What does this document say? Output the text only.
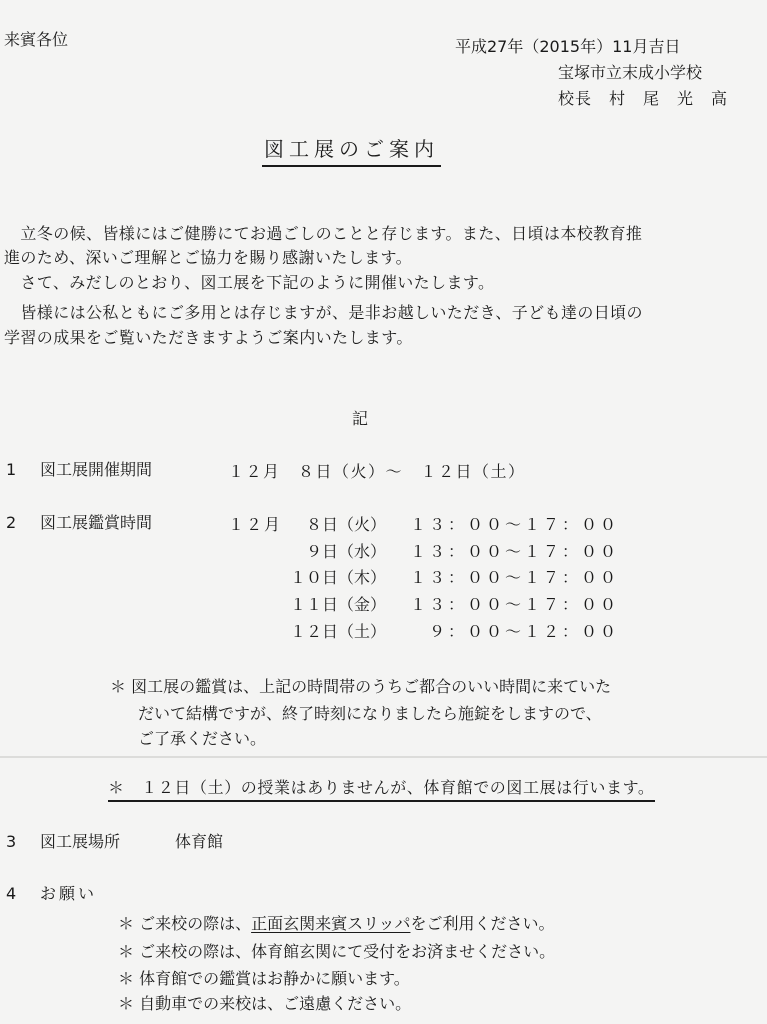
来賓各位	平成27年（2015年）11月吉日
宝塚市立末成小学校
校長　村　尾　光　高
図工展のご案内
　立冬の候、皆様にはご健勝にてお過ごしのことと存じます。また、日頃は本校教育推
進のため、深いご理解とご協力を賜り感謝いたします。
　さて、みだしのとおり、図工展を下記のように開催いたします。
　皆様には公私ともにご多用とは存じますが、是非お越しいただき、子ども達の日頃の
学習の成果をご覧いただきますようご案内いたします。
記
1 図工展開催期間	１２月　８日（火）〜　１２日（土）
2 図工展鑑賞時間	１２月	８日（火） １３：００〜１７：００
９日（水） １３：００〜１７：００
１０日（木） １３：００〜１７：００
１１日（金） １３：００〜１７：００
１２日（土） 　９：００〜１２：００
＊ 図工展の鑑賞は、上記の時間帯のうちご都合のいい時間に来ていた
だいて結構ですが、終了時刻になりましたら施錠をしますので、
ご了承ください。
＊　１２日（土）の授業はありませんが、体育館での図工展は行います。
3 図工展場所	体育館
4 お願い
＊ ご来校の際は、正面玄関来賓スリッパをご利用ください。
＊ ご来校の際は、体育館玄関にて受付をお済ませください。
＊ 体育館での鑑賞はお静かに願います。
＊ 自動車での来校は、ご遠慮ください。
